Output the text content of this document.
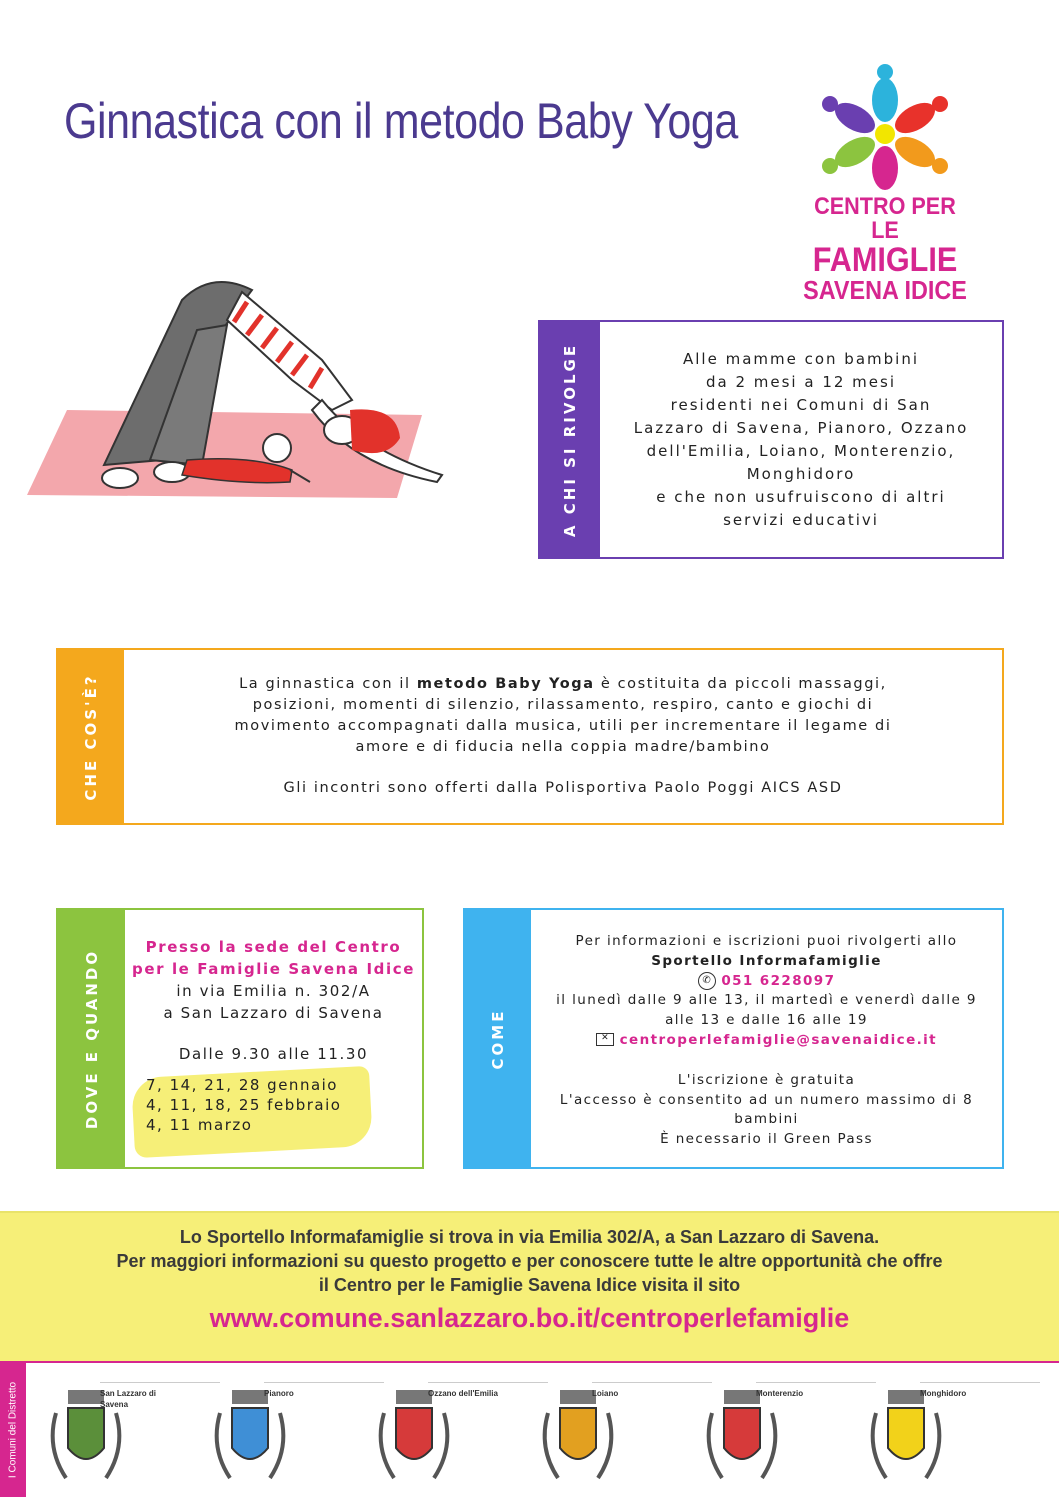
Ginnastica con il metodo Baby Yoga
CENTRO PER LE
FAMIGLIE
SAVENA IDICE
A CHI SI RIVOLGE	Alle mamme con bambini
da 2 mesi a 12 mesi
residenti nei Comuni di San
Lazzaro di Savena, Pianoro, Ozzano
dell'Emilia, Loiano, Monterenzio,
Monghidoro
e che non usufruiscono di altri
servizi educativi
CHE COS'È?	La ginnastica con il metodo Baby Yoga è costituita da piccoli massaggi,
posizioni, momenti di silenzio, rilassamento, respiro, canto e giochi di
movimento accompagnati dalla musica, utili per incrementare il legame di
amore e di fiducia nella coppia madre/bambino
Gli incontri sono offerti dalla Polisportiva Paolo Poggi AICS ASD
DOVE E QUANDO
Presso la sede del Centro
per le Famiglie Savena Idice
in via Emilia n. 302/A
a San Lazzaro di Savena
Dalle 9.30 alle 11.30
7, 14, 21, 28 gennaio
4, 11, 18, 25 febbraio
4, 11 marzo
COME
Per informazioni e iscrizioni puoi rivolgerti allo
Sportello Informafamiglie
✆ 051 6228097
il lunedì dalle 9 alle 13, il martedì e venerdì dalle 9
alle 13 e dalle 16 alle 19
✕ centroperlefamiglie@savenaidice.it
L'iscrizione è gratuita
L'accesso è consentito ad un numero massimo di 8
bambini
È necessario il Green Pass
Lo Sportello Informafamiglie si trova in via Emilia 302/A, a San Lazzaro di Savena.
Per maggiori informazioni su questo progetto e per conoscere tutte le altre opportunità che offre
il Centro per le Famiglie Savena Idice visita il sito
www.comune.sanlazzaro.bo.it/centroperlefamiglie
I Comuni del Distretto	San Lazzaro di Savena
Pianoro	Ozzano dell'Emilia	Loiano	Monterenzio	Monghidoro
